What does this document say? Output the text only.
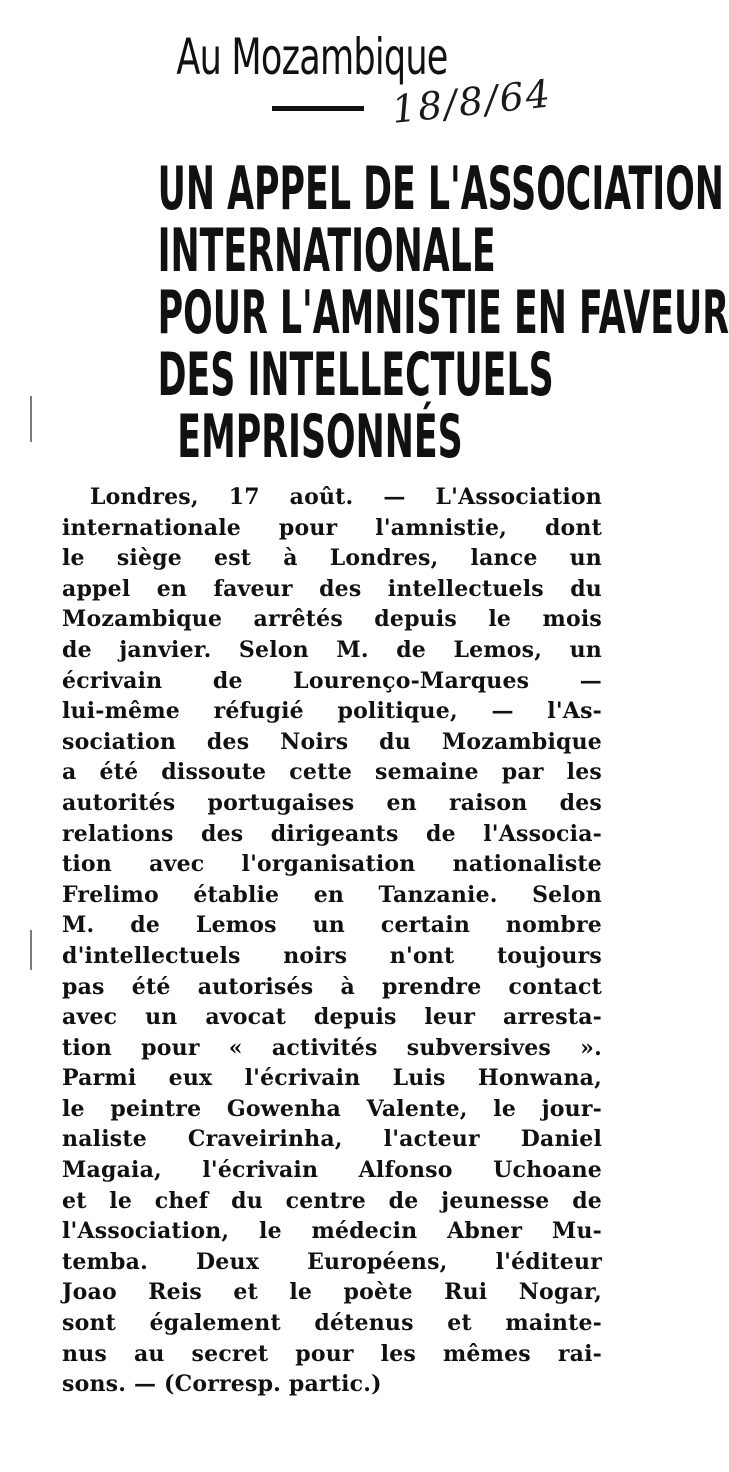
Au Mozambique
18/8/64
UN APPEL DE L'ASSOCIATION
INTERNATIONALE
POUR L'AMNISTIE EN FAVEUR
DES INTELLECTUELS
EMPRISONNÉS
Londres, 17 août. — L'Association
internationale pour l'amnistie, dont
le siège est à Londres, lance un
appel en faveur des intellectuels du
Mozambique arrêtés depuis le mois
de janvier. Selon M. de Lemos, un
écrivain de Lourenço-Marques —
lui-même réfugié politique, — l'As-
sociation des Noirs du Mozambique
a été dissoute cette semaine par les
autorités portugaises en raison des
relations des dirigeants de l'Associa-
tion avec l'organisation nationaliste
Frelimo établie en Tanzanie. Selon
M. de Lemos un certain nombre
d'intellectuels noirs n'ont toujours
pas été autorisés à prendre contact
avec un avocat depuis leur arresta-
tion pour « activités subversives ».
Parmi eux l'écrivain Luis Honwana,
le peintre Gowenha Valente, le jour-
naliste Craveirinha, l'acteur Daniel
Magaia, l'écrivain Alfonso Uchoane
et le chef du centre de jeunesse de
l'Association, le médecin Abner Mu-
temba. Deux Européens, l'éditeur
Joao Reis et le poète Rui Nogar,
sont également détenus et mainte-
nus au secret pour les mêmes rai-
sons. — (Corresp. partic.)
